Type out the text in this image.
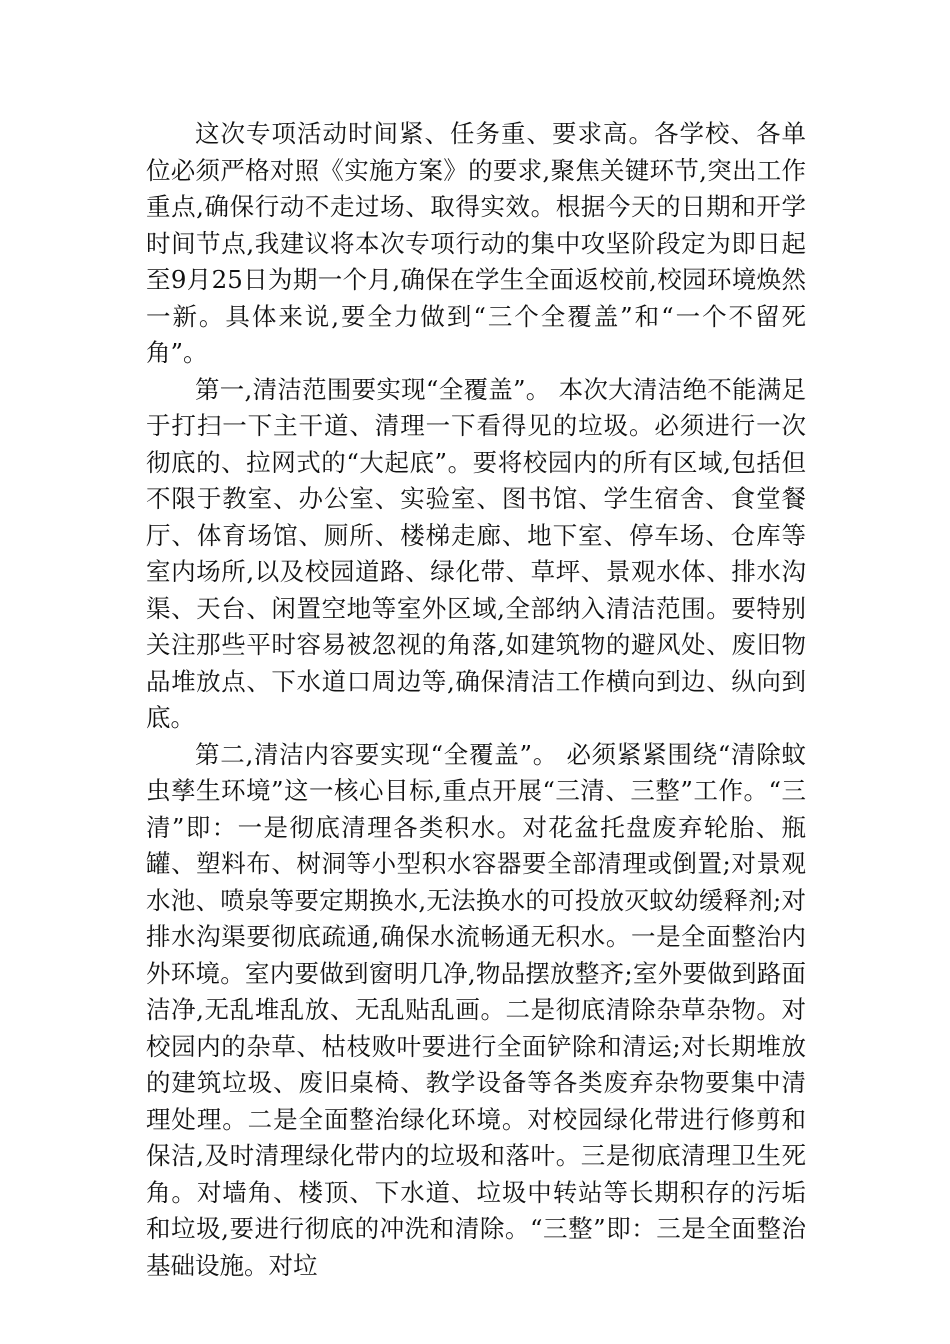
这次专项活动时间紧、任务重、要求高。各学校、各单位必须严格对照《实施方案》的要求,聚焦关键环节,突出工作重点,确保行动不走过场、取得实效。根据今天的日期和开学时间节点,我建议将本次专项行动的集中攻坚阶段定为即日起至9月25日为期一个月,确保在学生全面返校前,校园环境焕然一新。具体来说,要全力做到“三个全覆盖”和“一个不留死角”。

第一,清洁范围要实现“全覆盖”。 本次大清洁绝不能满足于打扫一下主干道、清理一下看得见的垃圾。必须进行一次彻底的、拉网式的“大起底”。要将校园内的所有区域,包括但不限于教室、办公室、实验室、图书馆、学生宿舍、食堂餐厅、体育场馆、厕所、楼梯走廊、地下室、停车场、仓库等室内场所,以及校园道路、绿化带、草坪、景观水体、排水沟渠、天台、闲置空地等室外区域,全部纳入清洁范围。要特别关注那些平时容易被忽视的角落,如建筑物的避风处、废旧物品堆放点、下水道口周边等,确保清洁工作横向到边、纵向到底。

第二,清洁内容要实现“全覆盖”。 必须紧紧围绕“清除蚊虫孳生环境”这一核心目标,重点开展“三清、三整”工作。“三清”即：一是彻底清理各类积水。对花盆托盘废弃轮胎、瓶罐、塑料布、树洞等小型积水容器要全部清理或倒置;对景观水池、喷泉等要定期换水,无法换水的可投放灭蚊幼缓释剂;对排水沟渠要彻底疏通,确保水流畅通无积水。一是全面整治内外环境。室内要做到窗明几净,物品摆放整齐;室外要做到路面洁净,无乱堆乱放、无乱贴乱画。二是彻底清除杂草杂物。对校园内的杂草、枯枝败叶要进行全面铲除和清运;对长期堆放的建筑垃圾、废旧桌椅、教学设备等各类废弃杂物要集中清理处理。二是全面整治绿化环境。对校园绿化带进行修剪和保洁,及时清理绿化带内的垃圾和落叶。三是彻底清理卫生死角。对墙角、楼顶、下水道、垃圾中转站等长期积存的污垢和垃圾,要进行彻底的冲洗和清除。“三整”即：三是全面整治基础设施。对垃
